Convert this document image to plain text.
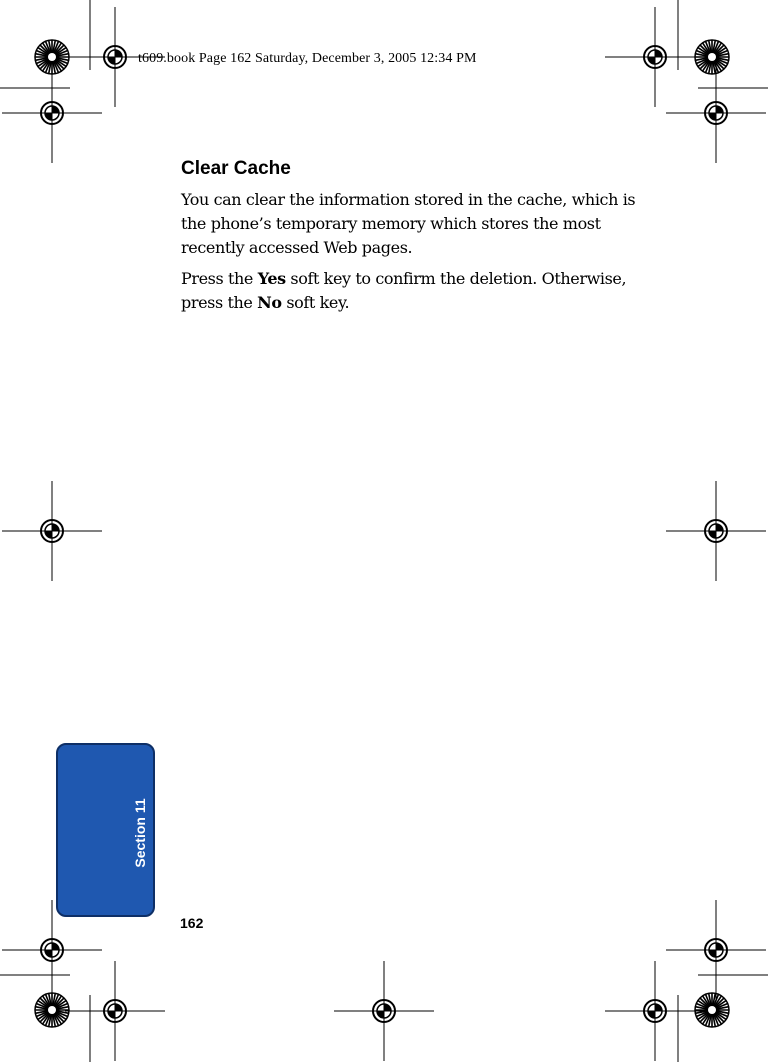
t609.book Page 162 Saturday, December 3, 2005 12:34 PM
Clear Cache

You can clear the information stored in the cache, which is the phone’s temporary memory which stores the most recently accessed Web pages.

Press the Yes soft key to confirm the deletion. Otherwise, press the No soft key.

Section 11
162
